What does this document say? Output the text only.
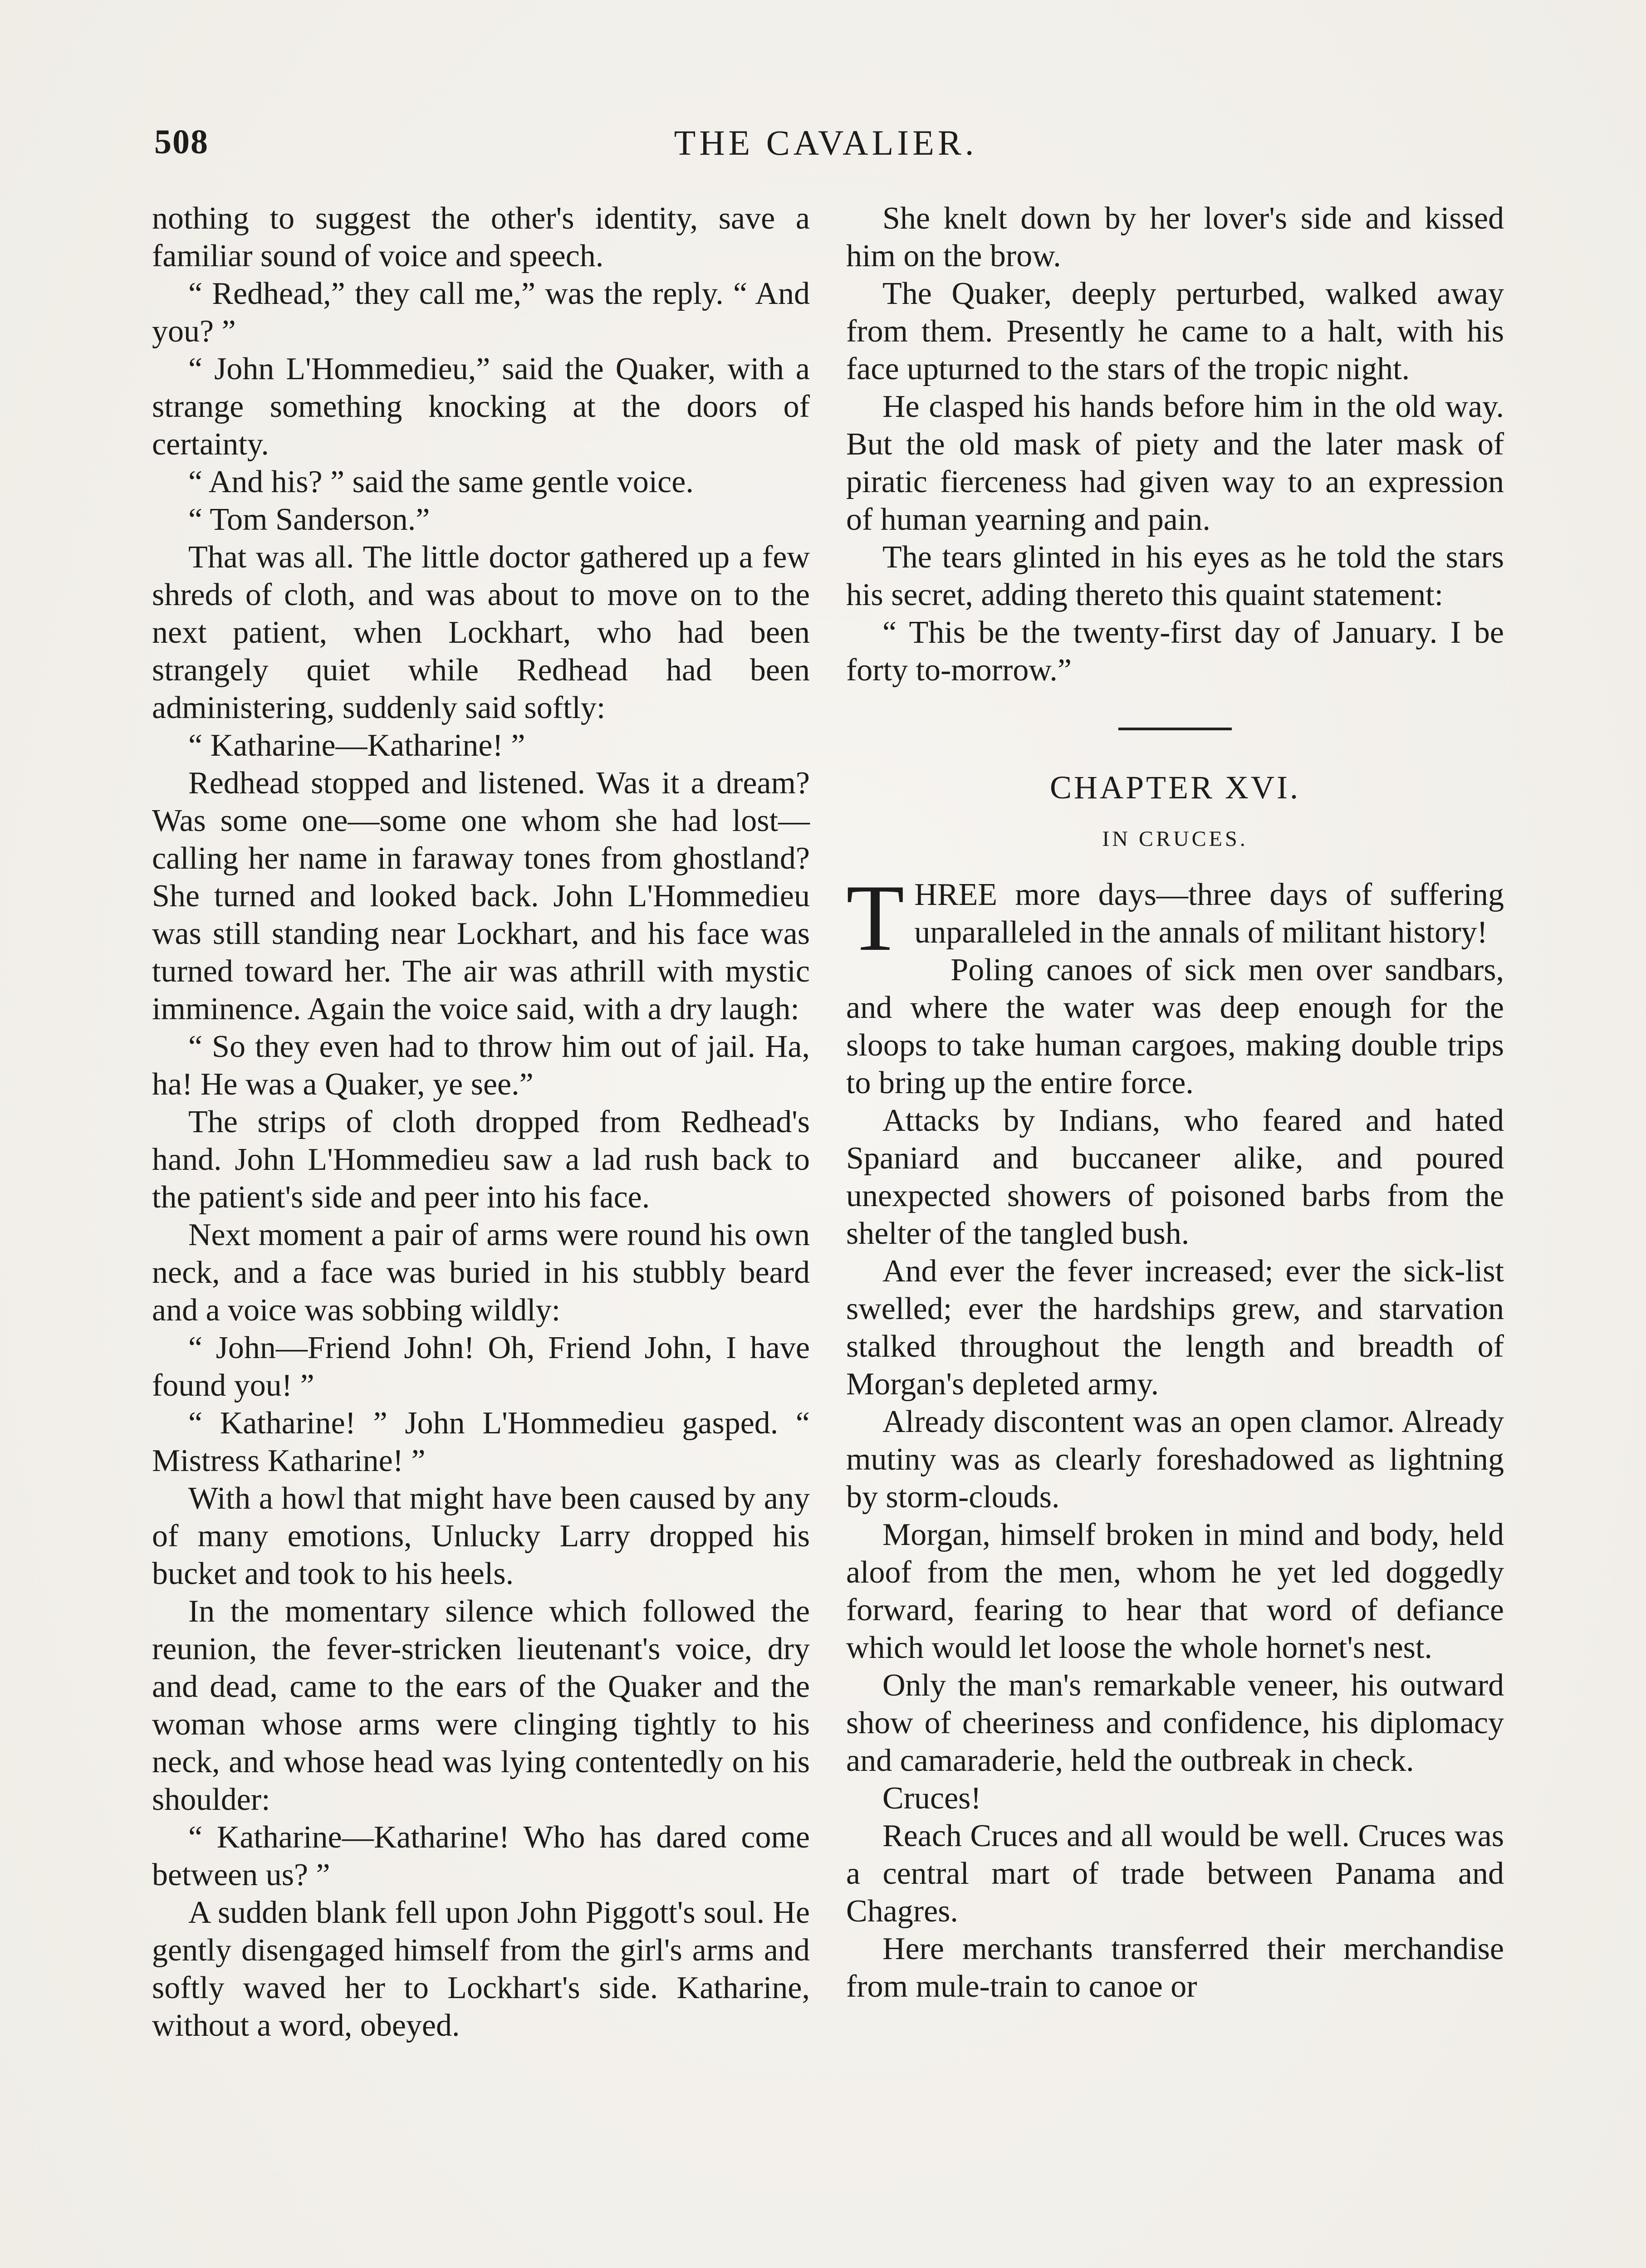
508	THE CAVALIER.

nothing to suggest the other's identity, save a familiar sound of voice and speech.

“ Redhead,” they call me,” was the reply. “ And you? ”

“ John L'Hommedieu,” said the Quaker, with a strange something knocking at the doors of certainty.

“ And his? ” said the same gentle voice.

“ Tom Sanderson.”

That was all. The little doctor gathered up a few shreds of cloth, and was about to move on to the next patient, when Lockhart, who had been strangely quiet while Redhead had been administering, suddenly said softly:

“ Katharine—Katharine! ”

Redhead stopped and listened. Was it a dream? Was some one—some one whom she had lost—calling her name in faraway tones from ghostland? She turned and looked back. John L'Hommedieu was still standing near Lockhart, and his face was turned toward her. The air was athrill with mystic imminence. Again the voice said, with a dry laugh:

“ So they even had to throw him out of jail. Ha, ha! He was a Quaker, ye see.”

The strips of cloth dropped from Redhead's hand. John L'Hommedieu saw a lad rush back to the patient's side and peer into his face.

Next moment a pair of arms were round his own neck, and a face was buried in his stubbly beard and a voice was sobbing wildly:

“ John—Friend John! Oh, Friend John, I have found you! ”

“ Katharine! ” John L'Hommedieu gasped. “ Mistress Katharine! ”

With a howl that might have been caused by any of many emotions, Unlucky Larry dropped his bucket and took to his heels.

In the momentary silence which followed the reunion, the fever-stricken lieutenant's voice, dry and dead, came to the ears of the Quaker and the woman whose arms were clinging tightly to his neck, and whose head was lying contentedly on his shoulder:

“ Katharine—Katharine! Who has dared come between us? ”

A sudden blank fell upon John Piggott's soul. He gently disengaged himself from the girl's arms and softly waved her to Lockhart's side. Katharine, without a word, obeyed.

She knelt down by her lover's side and kissed him on the brow.

The Quaker, deeply perturbed, walked away from them. Presently he came to a halt, with his face upturned to the stars of the tropic night.

He clasped his hands before him in the old way. But the old mask of piety and the later mask of piratic fierceness had given way to an expression of human yearning and pain.

The tears glinted in his eyes as he told the stars his secret, adding thereto this quaint statement:

“ This be the twenty-first day of January. I be forty to-morrow.”

CHAPTER XVI.
IN CRUCES.

THREE more days—three days of suffering unparalleled in the annals of militant history!

Poling canoes of sick men over sandbars, and where the water was deep enough for the sloops to take human cargoes, making double trips to bring up the entire force.

Attacks by Indians, who feared and hated Spaniard and buccaneer alike, and poured unexpected showers of poisoned barbs from the shelter of the tangled bush.

And ever the fever increased; ever the sick-list swelled; ever the hardships grew, and starvation stalked throughout the length and breadth of Morgan's depleted army.

Already discontent was an open clamor. Already mutiny was as clearly foreshadowed as lightning by storm-clouds.

Morgan, himself broken in mind and body, held aloof from the men, whom he yet led doggedly forward, fearing to hear that word of defiance which would let loose the whole hornet's nest.

Only the man's remarkable veneer, his outward show of cheeriness and confidence, his diplomacy and camaraderie, held the outbreak in check.

Cruces!

Reach Cruces and all would be well. Cruces was a central mart of trade between Panama and Chagres.

Here merchants transferred their merchandise from mule-train to canoe or
